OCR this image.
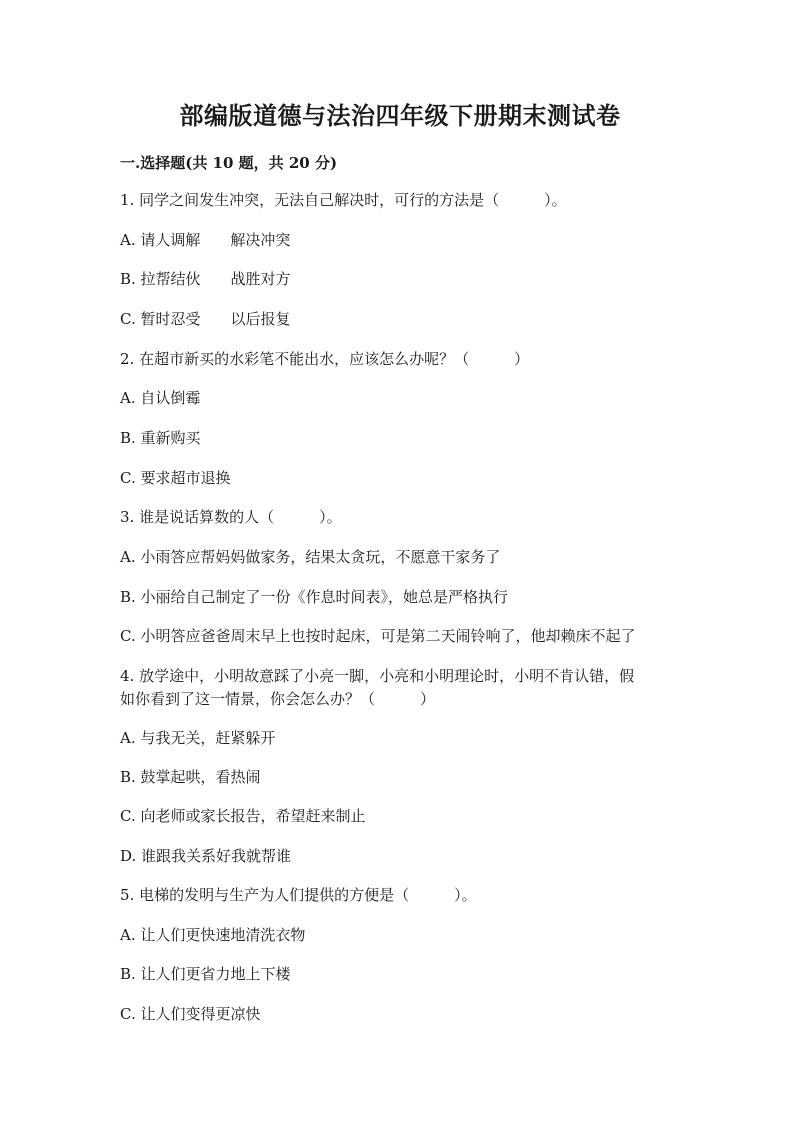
部编版道德与法治四年级下册期末测试卷
一.选择题(共 10 题，共 20 分)
1. 同学之间发生冲突，无法自己解决时，可行的方法是（　　　）。
A. 请人调解　　解决冲突
B. 拉帮结伙　　战胜对方
C. 暂时忍受　　以后报复
2. 在超市新买的水彩笔不能出水，应该怎么办呢？（　　　）
A. 自认倒霉
B. 重新购买
C. 要求超市退换
3. 谁是说话算数的人（　　　）。
A. 小雨答应帮妈妈做家务，结果太贪玩，不愿意干家务了
B. 小丽给自己制定了一份《作息时间表》，她总是严格执行
C. 小明答应爸爸周末早上也按时起床，可是第二天闹铃响了，他却赖床不起了
4. 放学途中，小明故意踩了小亮一脚，小亮和小明理论时，小明不肯认错，假
如你看到了这一情景，你会怎么办？（　　　）
A. 与我无关，赶紧躲开
B. 鼓掌起哄，看热闹
C. 向老师或家长报告，希望赶来制止
D. 谁跟我关系好我就帮谁
5. 电梯的发明与生产为人们提供的方便是（　　　）。
A. 让人们更快速地清洗衣物
B. 让人们更省力地上下楼
C. 让人们变得更凉快
